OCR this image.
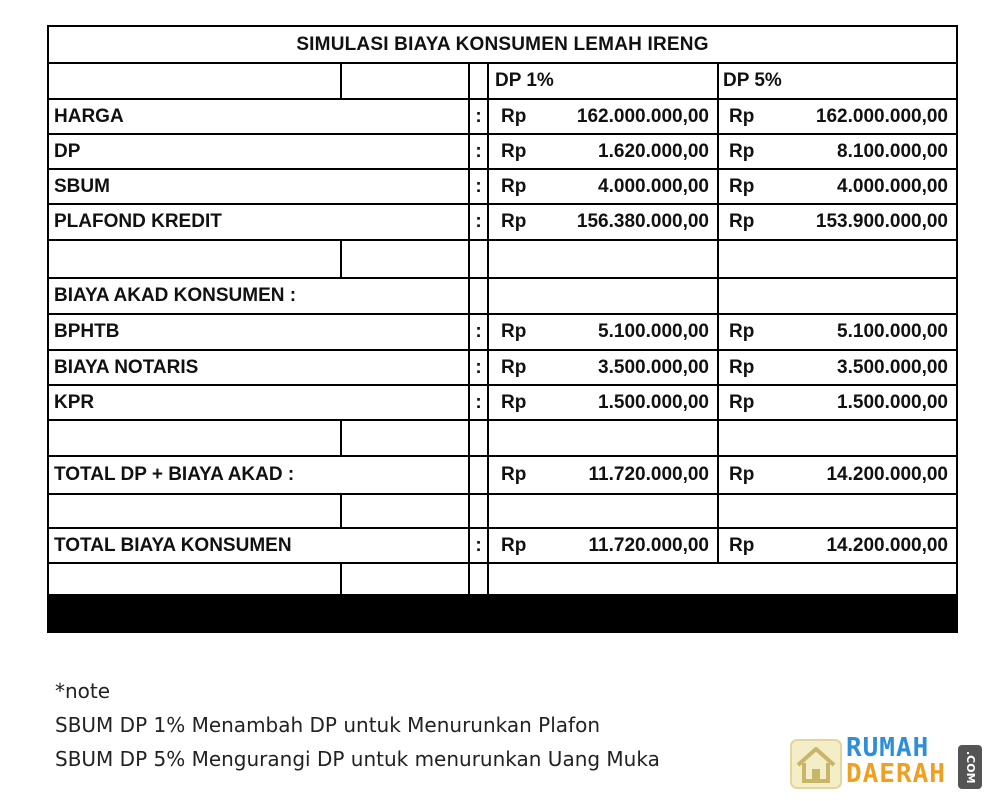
SIMULASI BIAYA KONSUMEN LEMAH IRENG
DP 1%	DP 5%
HARGA	:	Rp	162.000.000,00 Rp	162.000.000,00
DP	:	Rp	1.620.000,00 Rp	8.100.000,00
SBUM	:	Rp	4.000.000,00 Rp	4.000.000,00
PLAFOND KREDIT	:	Rp	156.380.000,00 Rp	153.900.000,00
BIAYA AKAD KONSUMEN :
BPHTB	:	Rp	5.100.000,00 Rp	5.100.000,00
BIAYA NOTARIS	:	Rp	3.500.000,00 Rp	3.500.000,00
KPR	:	Rp	1.500.000,00 Rp	1.500.000,00
TOTAL DP + BIAYA AKAD :	Rp	11.720.000,00 Rp	14.200.000,00
TOTAL BIAYA KONSUMEN	:	Rp	11.720.000,00 Rp	14.200.000,00
*note
SBUM DP 1% Menambah DP untuk Menurunkan Plafon
SBUM DP 5% Mengurangi DP untuk menurunkan Uang Muka	RUMAH
DAERAH	.COM
